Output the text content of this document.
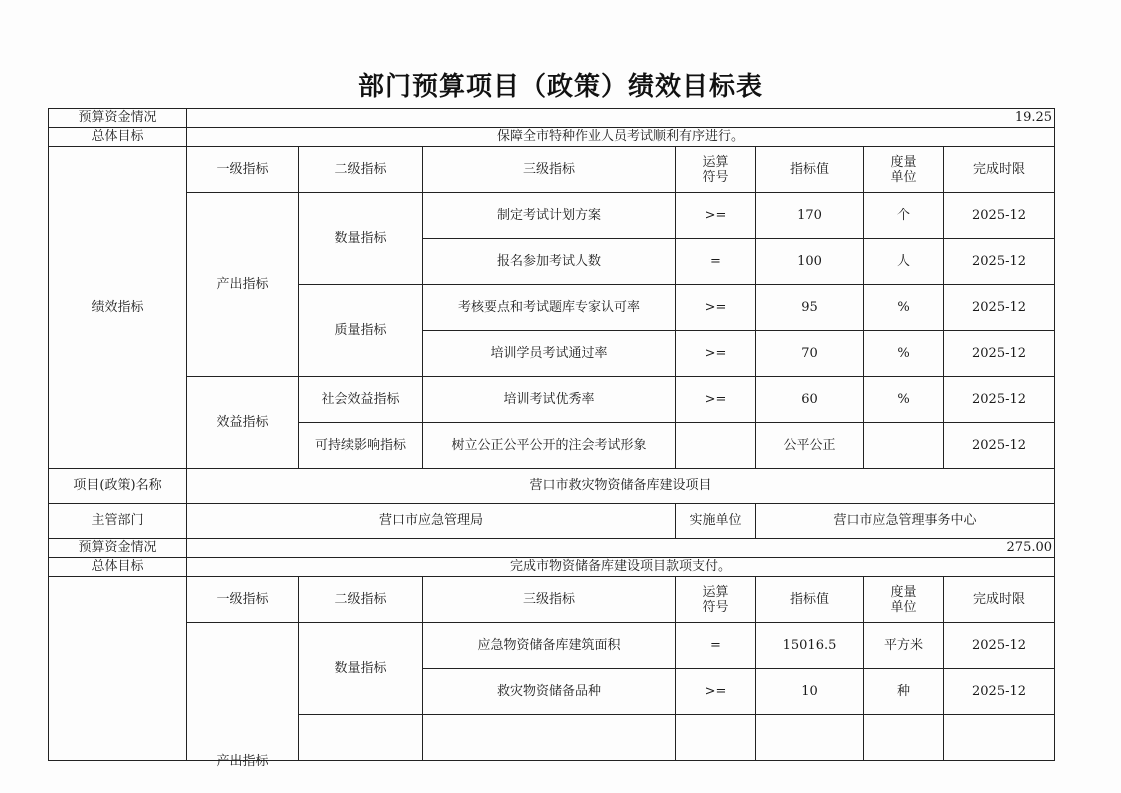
部门预算项目（政策）绩效目标表
预算资金情况	19.25						
总体目标	保障全市特种作业人员考试顺利有序进行。						
绩效指标	一级指标	二级指标	三级指标	运算符号	指标值	度量单位	完成时限
	产出指标	数量指标	制定考试计划方案	>=	170	个	2025-12
			报名参加考试人数	=	100	人	2025-12
		质量指标	考核要点和考试题库专家认可率	>=	95	%	2025-12
			培训学员考试通过率	>=	70	%	2025-12
	效益指标	社会效益指标	培训考试优秀率	>=	60	%	2025-12
		可持续影响指标	树立公正公平公开的注会考试形象		公平公正		2025-12
项目(政策)名称	营口市救灾物资储备库建设项目						
主管部门	营口市应急管理局			实施单位	营口市应急管理事务中心		
预算资金情况	275.00						
总体目标	完成市物资储备库建设项目款项支付。						
	一级指标	二级指标	三级指标	运算符号	指标值	度量单位	完成时限

	产出指标	数量指标	应急物资储备库建筑面积	=	15016.5	平方米	2025-12
			救灾物资储备品种	>=	10	种	2025-12
